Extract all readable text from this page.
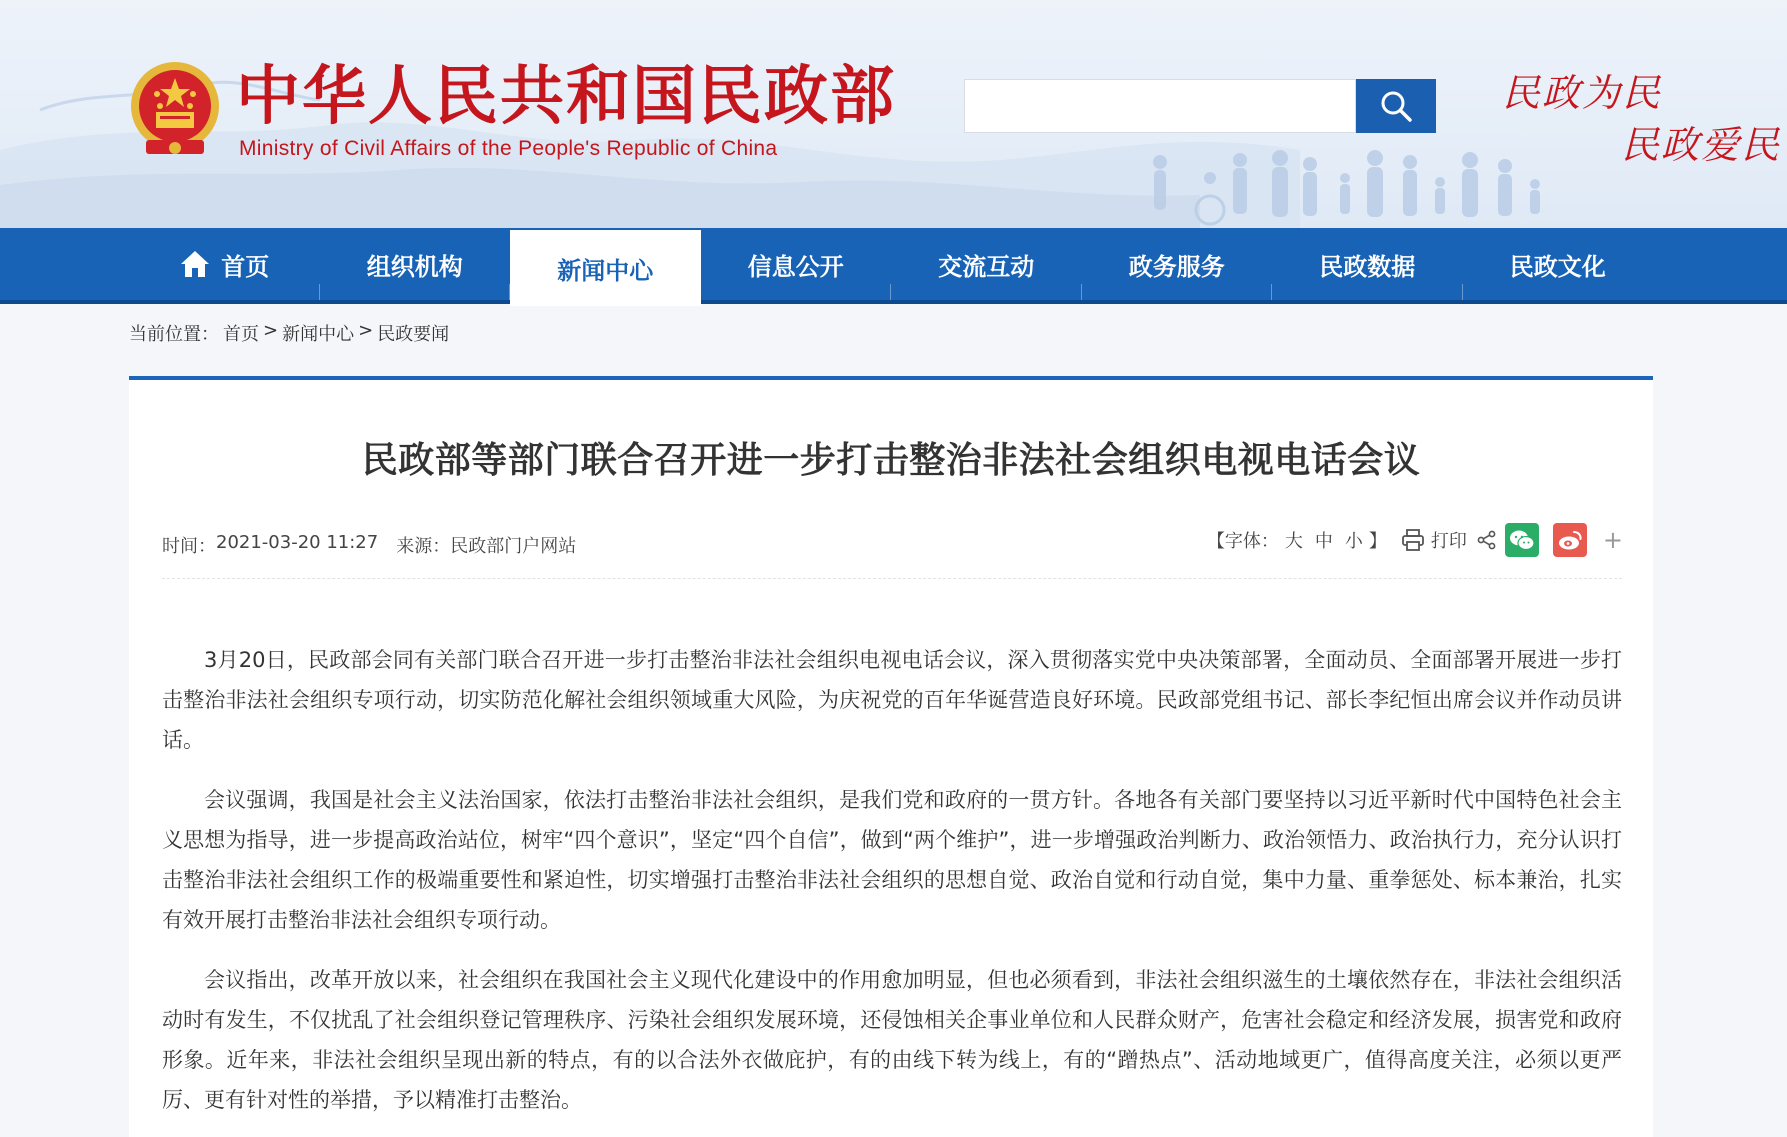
中华人民共和国民政部
Ministry of Civil Affairs of the People's Republic of China
民政为民
民政爱民
首页	组织机构	新闻中心	信息公开	交流互动	政务服务	民政数据	民政文化
当前位置： 首页 > 新闻中心 > 民政要闻
民政部等部门联合召开进一步打击整治非法社会组织电视电话会议
时间： 2021-03-20 11:27 来源： 民政部门户网站	【字体： 大 中 小 】 打印	+

3月20日，民政部会同有关部门联合召开进一步打击整治非法社会组织电视电话会议，深入贯彻落实党中央决策部署，全面动员、全面部署开展进一步打击整治非法社会组织专项行动，切实防范化解社会组织领域重大风险，为庆祝党的百年华诞营造良好环境。民政部党组书记、部长李纪恒出席会议并作动员讲话。

会议强调，我国是社会主义法治国家，依法打击整治非法社会组织，是我们党和政府的一贯方针。各地各有关部门要坚持以习近平新时代中国特色社会主义思想为指导，进一步提高政治站位，树牢“四个意识”，坚定“四个自信”，做到“两个维护”，进一步增强政治判断力、政治领悟力、政治执行力，充分认识打击整治非法社会组织工作的极端重要性和紧迫性，切实增强打击整治非法社会组织的思想自觉、政治自觉和行动自觉，集中力量、重拳惩处、标本兼治，扎实有效开展打击整治非法社会组织专项行动。

会议指出，改革开放以来，社会组织在我国社会主义现代化建设中的作用愈加明显，但也必须看到，非法社会组织滋生的土壤依然存在，非法社会组织活动时有发生，不仅扰乱了社会组织登记管理秩序、污染社会组织发展环境，还侵蚀相关企事业单位和人民群众财产，危害社会稳定和经济发展，损害党和政府形象。近年来，非法社会组织呈现出新的特点，有的以合法外衣做庇护，有的由线下转为线上，有的“蹭热点”、活动地域更广，值得高度关注，必须以更严厉、更有针对性的举措，予以精准打击整治。
